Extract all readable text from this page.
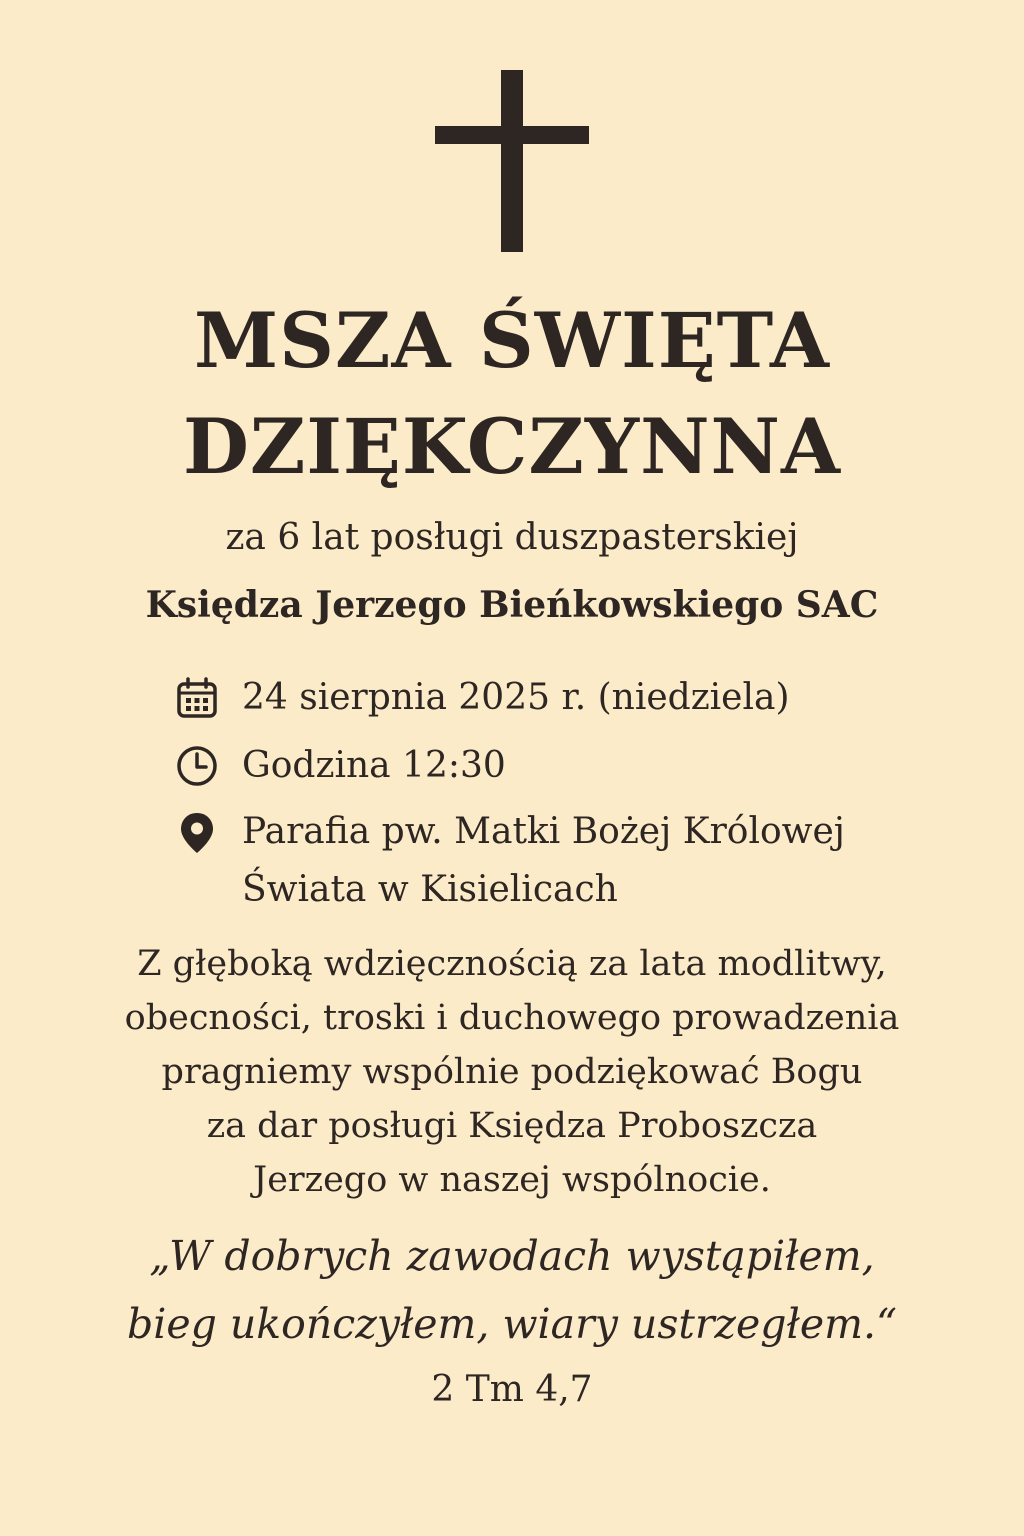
MSZA ŚWIĘTA
DZIĘKCZYNNA
za 6 lat posługi duszpasterskiej
Księdza Jerzego Bieńkowskiego SAC
24 sierpnia 2025 r. (niedziela)
Godzina 12:30
Parafia pw. Matki Bożej Królowej
Świata w Kisielicach
Z głęboką wdzięcznością za lata modlitwy,
obecności, troski i duchowego prowadzenia
pragniemy wspólnie podziękować Bogu
za dar posługi Księdza Proboszcza
Jerzego w naszej wspólnocie.
„W dobrych zawodach wystąpiłem,
bieg ukończyłem, wiary ustrzegłem.“
2 Tm 4,7
